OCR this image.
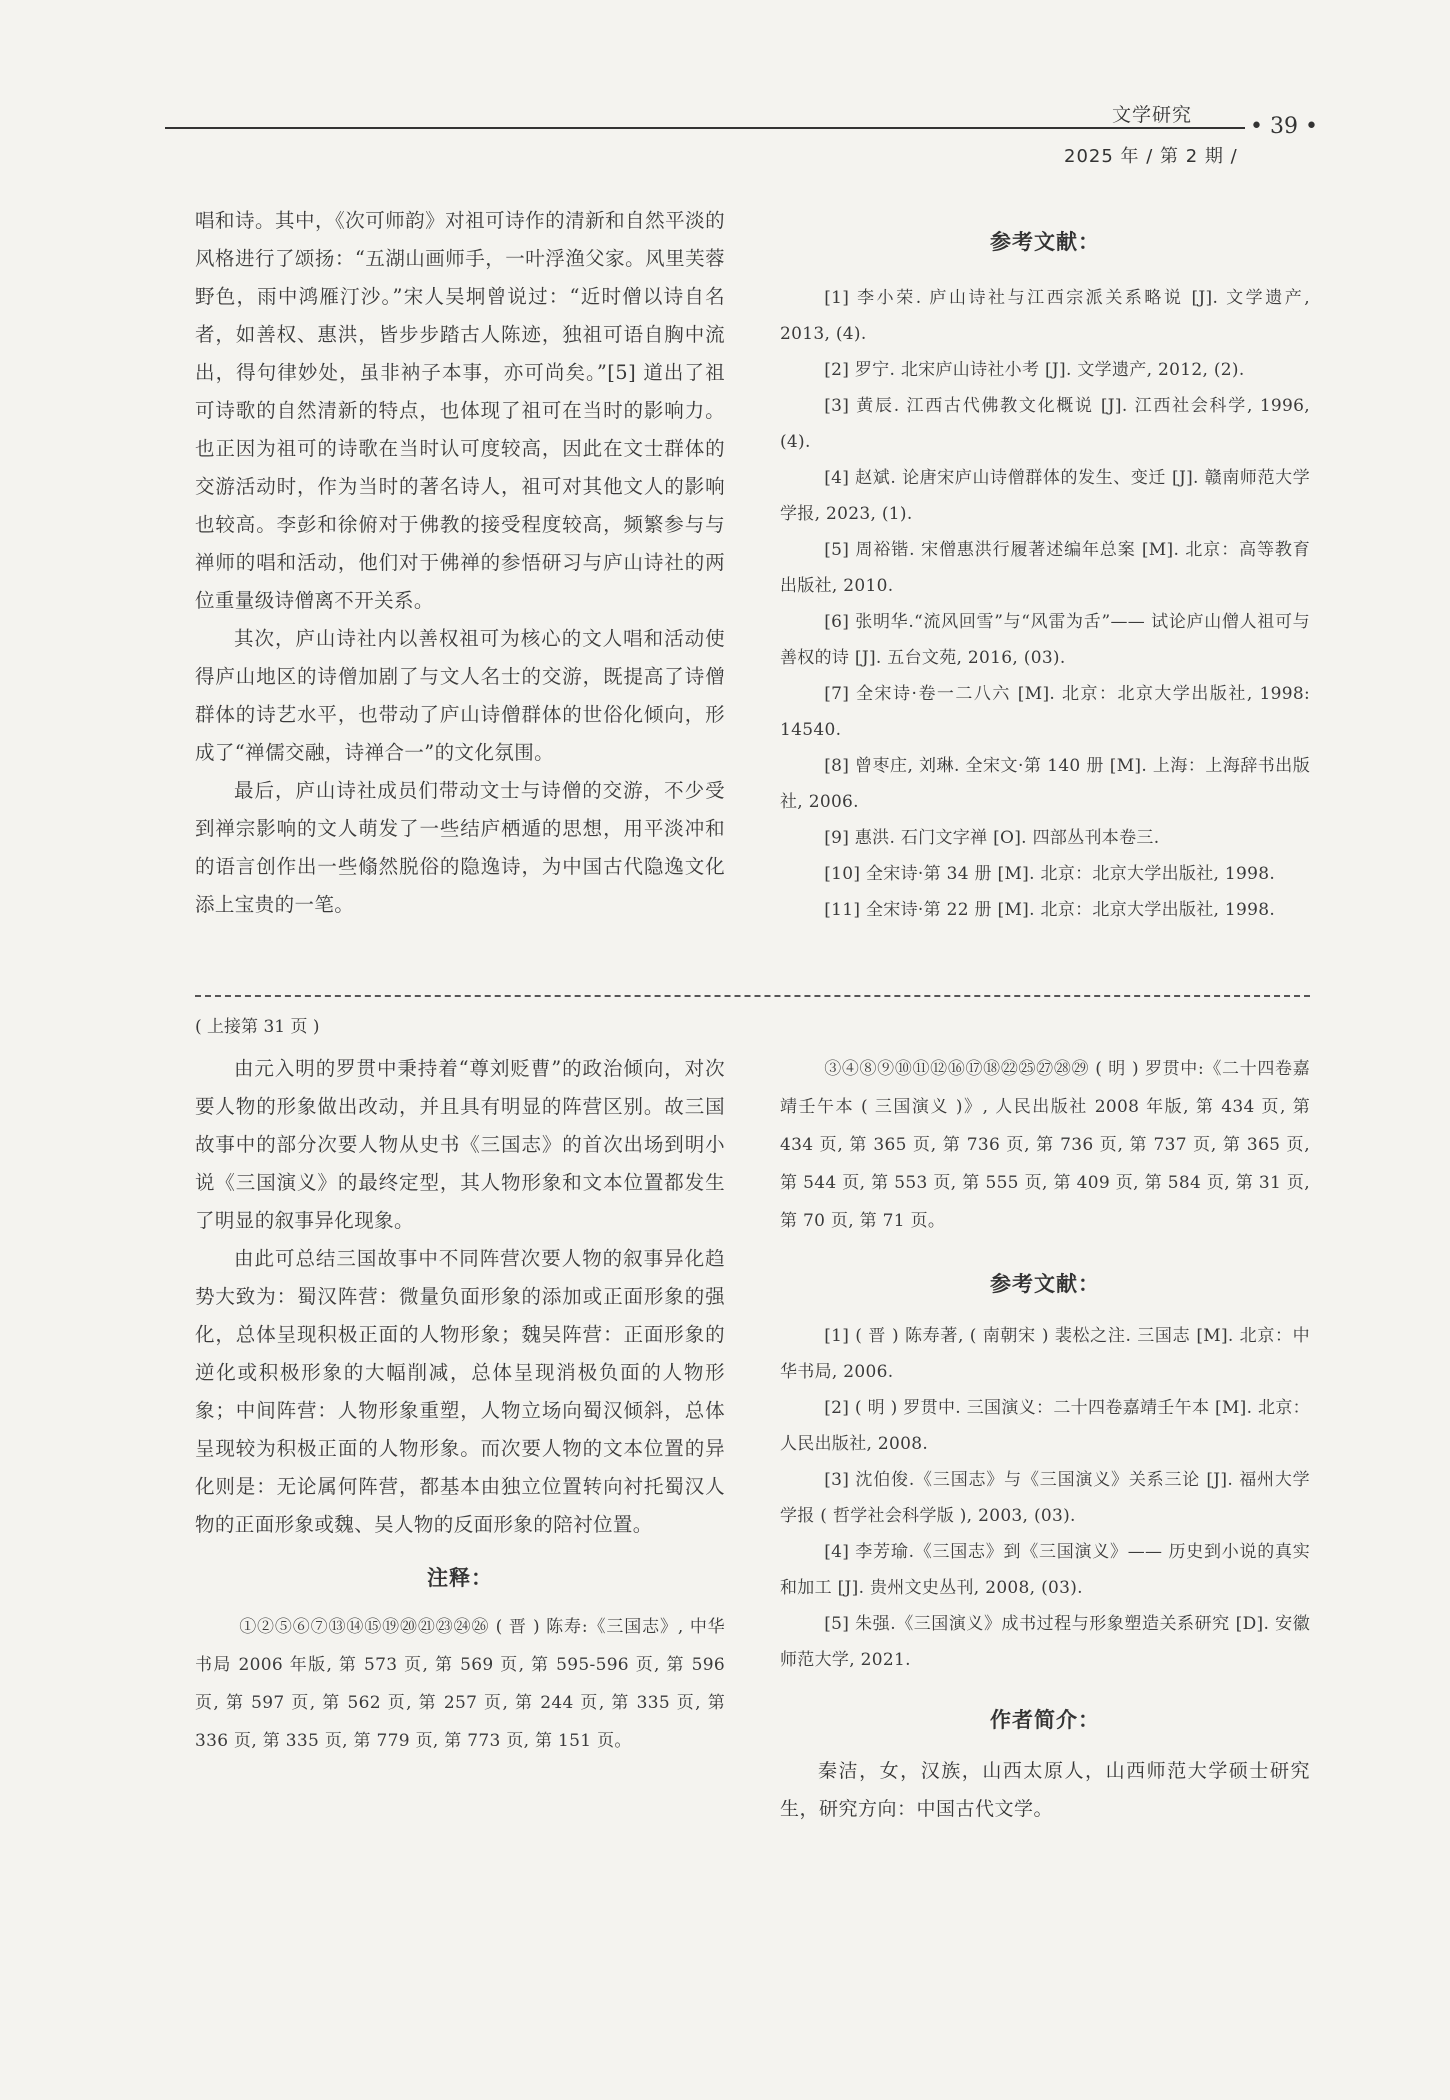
文学研究	• 39 •
2025 年 / 第 2 期 /

唱和诗。其中，《次可师韵》对祖可诗作的清新和自然平淡的风格进行了颂扬：“五湖山画师手，一叶浮渔父家。风里芙蓉野色，雨中鸿雁汀沙。”宋人吴坰曾说过：“近时僧以诗自名者，如善权、惠洪，皆步步踏古人陈迹，独祖可语自胸中流出，得句律妙处，虽非衲子本事，亦可尚矣。”[5] 道出了祖可诗歌的自然清新的特点，也体现了祖可在当时的影响力。也正因为祖可的诗歌在当时认可度较高，因此在文士群体的交游活动时，作为当时的著名诗人，祖可对其他文人的影响也较高。李彭和徐俯对于佛教的接受程度较高，频繁参与与禅师的唱和活动，他们对于佛禅的参悟研习与庐山诗社的两位重量级诗僧离不开关系。

其次，庐山诗社内以善权祖可为核心的文人唱和活动使得庐山地区的诗僧加剧了与文人名士的交游，既提高了诗僧群体的诗艺水平，也带动了庐山诗僧群体的世俗化倾向，形成了“禅儒交融，诗禅合一”的文化氛围。

最后，庐山诗社成员们带动文士与诗僧的交游，不少受到禅宗影响的文人萌发了一些结庐栖遁的思想，用平淡冲和的语言创作出一些翛然脱俗的隐逸诗，为中国古代隐逸文化添上宝贵的一笔。

参考文献：

[1] 李小荣. 庐山诗社与江西宗派关系略说 [J]. 文学遗产, 2013, (4).

[2] 罗宁. 北宋庐山诗社小考 [J]. 文学遗产, 2012, (2).

[3] 黄辰. 江西古代佛教文化概说 [J]. 江西社会科学, 1996, (4).

[4] 赵斌. 论唐宋庐山诗僧群体的发生、变迁 [J]. 赣南师范大学学报, 2023, (1).

[5] 周裕锴. 宋僧惠洪行履著述编年总案 [M]. 北京：高等教育出版社, 2010.

[6] 张明华.“流风回雪”与“风雷为舌”—— 试论庐山僧人祖可与善权的诗 [J]. 五台文苑, 2016, (03).

[7] 全宋诗·卷一二八六 [M]. 北京：北京大学出版社, 1998: 14540.

[8] 曾枣庄, 刘琳. 全宋文·第 140 册 [M]. 上海：上海辞书出版社, 2006.

[9] 惠洪. 石门文字禅 [O]. 四部丛刊本卷三.

[10] 全宋诗·第 34 册 [M]. 北京：北京大学出版社, 1998.

[11] 全宋诗·第 22 册 [M]. 北京：北京大学出版社, 1998.

( 上接第 31 页 )

由元入明的罗贯中秉持着“尊刘贬曹”的政治倾向，对次要人物的形象做出改动，并且具有明显的阵营区别。故三国故事中的部分次要人物从史书《三国志》的首次出场到明小说《三国演义》的最终定型，其人物形象和文本位置都发生了明显的叙事异化现象。

由此可总结三国故事中不同阵营次要人物的叙事异化趋势大致为：蜀汉阵营：微量负面形象的添加或正面形象的强化，总体呈现积极正面的人物形象；魏吴阵营：正面形象的逆化或积极形象的大幅削减，总体呈现消极负面的人物形象；中间阵营：人物形象重塑，人物立场向蜀汉倾斜，总体呈现较为积极正面的人物形象。而次要人物的文本位置的异化则是：无论属何阵营，都基本由独立位置转向衬托蜀汉人物的正面形象或魏、吴人物的反面形象的陪衬位置。

注释：

①②⑤⑥⑦⑬⑭⑮⑲⑳㉑㉓㉔㉖ ( 晋 ) 陈寿:《三国志》, 中华书局 2006 年版, 第 573 页, 第 569 页, 第 595-596 页, 第 596 页, 第 597 页, 第 562 页, 第 257 页, 第 244 页, 第 335 页, 第 336 页, 第 335 页, 第 779 页, 第 773 页, 第 151 页。

③④⑧⑨⑩⑪⑫⑯⑰⑱㉒㉕㉗㉘㉙ ( 明 ) 罗贯中:《二十四卷嘉靖壬午本 ( 三国演义 )》, 人民出版社 2008 年版, 第 434 页, 第 434 页, 第 365 页, 第 736 页, 第 736 页, 第 737 页, 第 365 页, 第 544 页, 第 553 页, 第 555 页, 第 409 页, 第 584 页, 第 31 页, 第 70 页, 第 71 页。

参考文献：

[1] ( 晋 ) 陈寿著, ( 南朝宋 ) 裴松之注. 三国志 [M]. 北京：中华书局, 2006.

[2] ( 明 ) 罗贯中. 三国演义：二十四卷嘉靖壬午本 [M]. 北京：人民出版社, 2008.

[3] 沈伯俊.《三国志》与《三国演义》关系三论 [J]. 福州大学学报 ( 哲学社会科学版 ), 2003, (03).

[4] 李芳瑜.《三国志》到《三国演义》—— 历史到小说的真实和加工 [J]. 贵州文史丛刊, 2008, (03).

[5] 朱强.《三国演义》成书过程与形象塑造关系研究 [D]. 安徽师范大学, 2021.

作者简介：

秦洁，女，汉族，山西太原人，山西师范大学硕士研究生，研究方向：中国古代文学。
